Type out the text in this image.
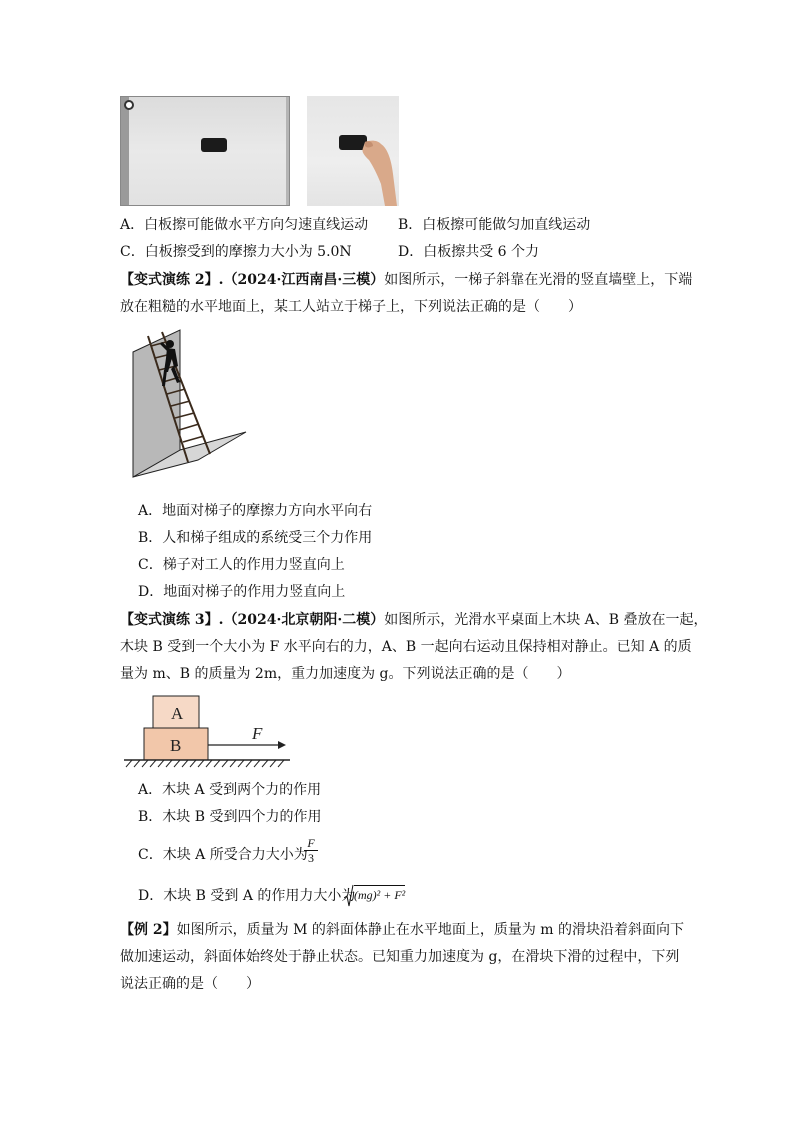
A．白板擦可能做水平方向匀速直线运动 B．白板擦可能做匀加直线运动
C．白板擦受到的摩擦力大小为 5.0N	D．白板擦共受 6 个力
【变式演练 2】.（2024·江西南昌·三模）如图所示，一梯子斜靠在光滑的竖直墙壁上，下端
放在粗糙的水平地面上，某工人站立于梯子上，下列说法正确的是（　　）
A．地面对梯子的摩擦力方向水平向右
B．人和梯子组成的系统受三个力作用
C．梯子对工人的作用力竖直向上
D．地面对梯子的作用力竖直向上
【变式演练 3】.（2024·北京朝阳·二模）如图所示，光滑水平桌面上木块 A、B 叠放在一起，
木块 B 受到一个大小为 F 水平向右的力，A、B 一起向右运动且保持相对静止。已知 A 的质
量为 m、B 的质量为 2m，重力加速度为 g。下列说法正确的是（　　）
A
B
F
A．木块 A 受到两个力的作用
B．木块 B 受到四个力的作用
C．木块 A 所受合力大小为
$\frac{F}{3}$
D．木块 B 受到 A 的作用力大小为
(mg)² + F²
【例 2】如图所示，质量为 M 的斜面体静止在水平地面上，质量为 m 的滑块沿着斜面向下
做加速运动，斜面体始终处于静止状态。已知重力加速度为 g，在滑块下滑的过程中，下列
说法正确的是（　　）
